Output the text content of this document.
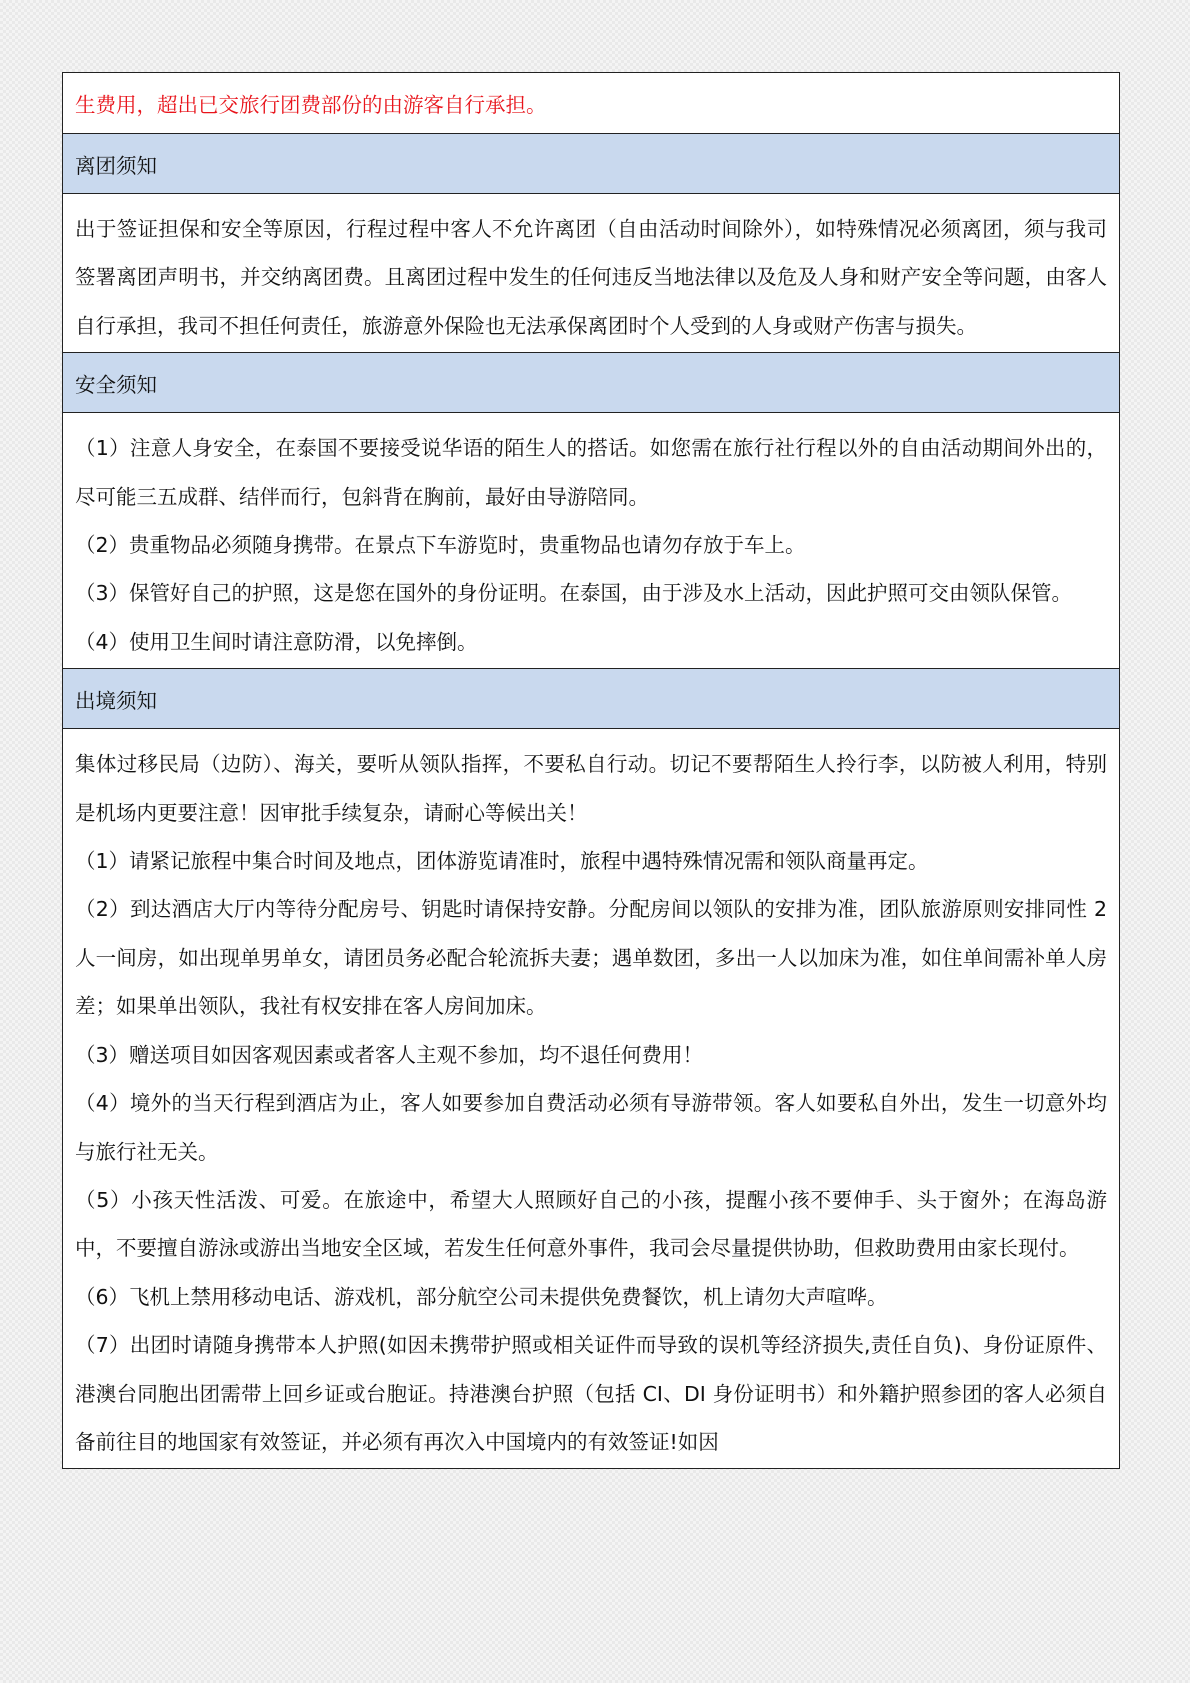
生费用，超出已交旅行团费部份的由游客自行承担。
离团须知

出于签证担保和安全等原因，行程过程中客人不允许离团（自由活动时间除外），如特殊情况必须离团，须与我司签署离团声明书，并交纳离团费。且离团过程中发生的任何违反当地法律以及危及人身和财产安全等问题，由客人自行承担，我司不担任何责任，旅游意外保险也无法承保离团时个人受到的人身或财产伤害与损失。

安全须知

（1）注意人身安全，在泰国不要接受说华语的陌生人的搭话。如您需在旅行社行程以外的自由活动期间外出的，尽可能三五成群、结伴而行，包斜背在胸前，最好由导游陪同。

（2）贵重物品必须随身携带。在景点下车游览时，贵重物品也请勿存放于车上。

（3）保管好自己的护照，这是您在国外的身份证明。在泰国，由于涉及水上活动，因此护照可交由领队保管。

（4）使用卫生间时请注意防滑，以免摔倒。

出境须知

集体过移民局（边防）、海关，要听从领队指挥，不要私自行动。切记不要帮陌生人拎行李，以防被人利用，特别是机场内更要注意！因审批手续复杂，请耐心等候出关！

（1）请紧记旅程中集合时间及地点，团体游览请准时，旅程中遇特殊情况需和领队商量再定。

（2）到达酒店大厅内等待分配房号、钥匙时请保持安静。分配房间以领队的安排为准，团队旅游原则安排同性 2 人一间房，如出现单男单女，请团员务必配合轮流拆夫妻；遇单数团，多出一人以加床为准，如住单间需补单人房差；如果单出领队，我社有权安排在客人房间加床。

（3）赠送项目如因客观因素或者客人主观不参加，均不退任何费用！

（4）境外的当天行程到酒店为止，客人如要参加自费活动必须有导游带领。客人如要私自外出，发生一切意外均与旅行社无关。

（5）小孩天性活泼、可爱。在旅途中，希望大人照顾好自己的小孩，提醒小孩不要伸手、头于窗外；在海岛游中，不要擅自游泳或游出当地安全区域，若发生任何意外事件，我司会尽量提供协助，但救助费用由家长现付。

（6）飞机上禁用移动电话、游戏机，部分航空公司未提供免费餐饮，机上请勿大声喧哗。

（7）出团时请随身携带本人护照(如因未携带护照或相关证件而导致的误机等经济损失,责任自负)、身份证原件、港澳台同胞出团需带上回乡证或台胞证。持港澳台护照（包括 CI、DI 身份证明书）和外籍护照参团的客人必须自备前往目的地国家有效签证，并必须有再次入中国境内的有效签证!如因
